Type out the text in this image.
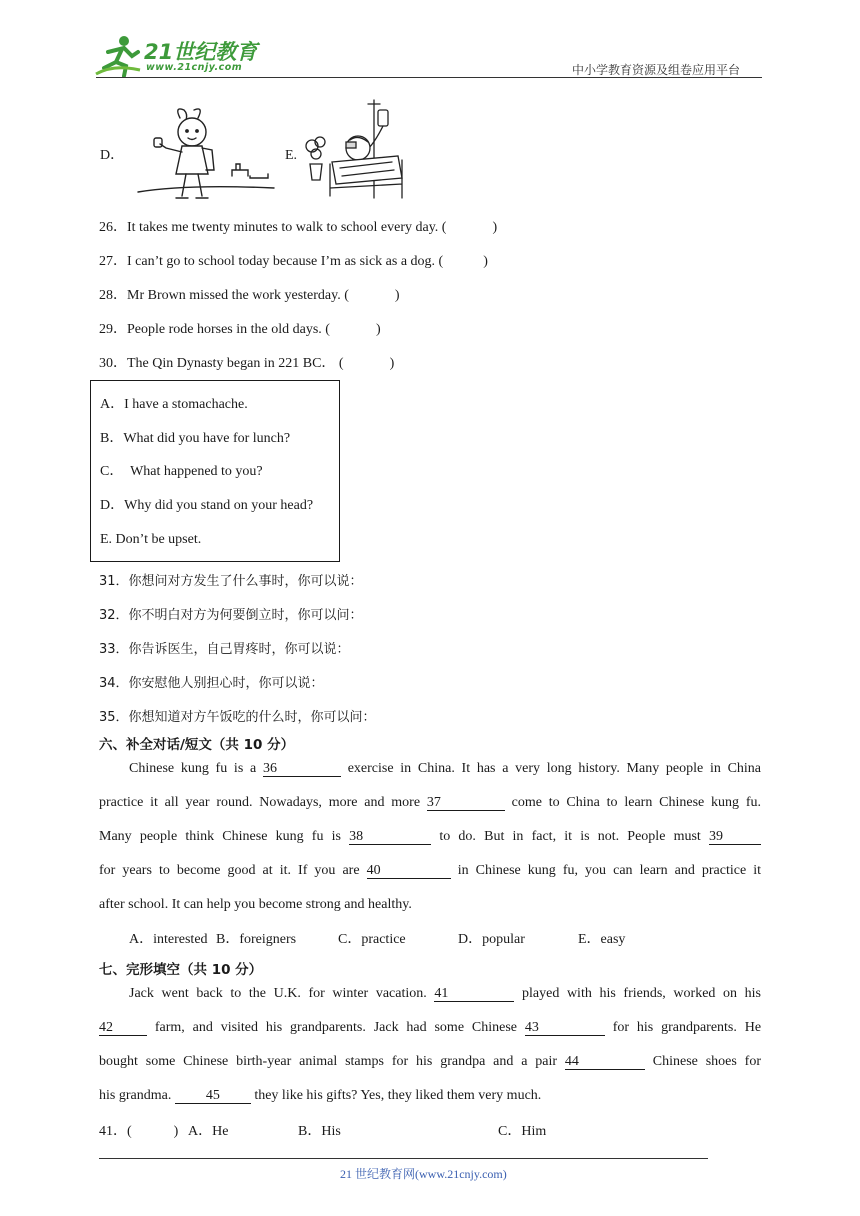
21世纪教育
www.21cnjy.com	中小学教育资源及组卷应用平台
D．	E.
26．It takes me twenty minutes to walk to school every day. (	)
27．I can’t go to school today because I’m as sick as a dog. (	)
28．Mr Brown missed the work yesterday. (	)
29．People rode horses in the old days. (	)
30．The Qin Dynasty began in 221 BC． (	)
A．I have a stomachache.
B．What did you have for lunch?
C．  What happened to you?
D．Why did you stand on your head?
E. Don’t be upset.
31．你想问对方发生了什么事时，你可以说：
32．你不明白对方为何要倒立时，你可以问：
33．你告诉医生，自己胃疼时，你可以说：
34．你安慰他人别担心时，你可以说：
35．你想知道对方午饭吃的什么时，你可以问：
六、补全对话/短文（共 10 分）
Chinese kung fu is a 36	exercise in China. It has a very long history. Many people in China
practice it all year round. Nowadays, more and more 37	come to China to learn Chinese kung fu.
Many people think Chinese kung fu is 38	to do. But in fact, it is not. People must 39
for years to become good at it. If you are 40	in Chinese kung fu, you can learn and practice it
after school. It can help you become strong and healthy.
A．interested B．foreigners	C．practice	D．popular	E．easy
七、完形填空（共 10 分）
Jack went back to the U.K. for winter vacation. 41	played with his friends, worked on his
42	farm, and visited his grandparents. Jack had some Chinese 43	for his grandparents. He
bought some Chinese birth-year animal stamps for his grandpa and a pair 44	Chinese shoes for
his grandma. 45 they like his gifts? Yes, they liked them very much.
41．(	) A．He	B．His	C．Him
21 世纪教育网(www.21cnjy.com)
